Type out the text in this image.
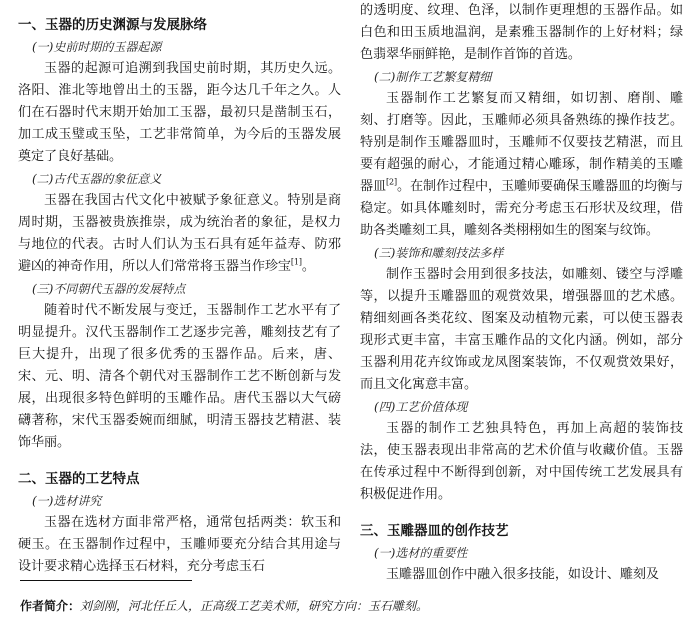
一、玉器的历史渊源与发展脉络
(一)史前时期的玉器起源

玉器的起源可追溯到我国史前时期，其历史久远。洛阳、淮北等地曾出土的玉器，距今达几千年之久。人们在石器时代末期开始加工玉器，最初只是凿制玉石，加工成玉璧或玉坠，工艺非常简单，为今后的玉器发展奠定了良好基础。

(二)古代玉器的象征意义

玉器在我国古代文化中被赋予象征意义。特别是商周时期，玉器被贵族推崇，成为统治者的象征，是权力与地位的代表。古时人们认为玉石具有延年益寿、防邪避凶的神奇作用，所以人们常常将玉器当作珍宝[1]。

(三)不同朝代玉器的发展特点

随着时代不断发展与变迁，玉器制作工艺水平有了明显提升。汉代玉器制作工艺逐步完善，雕刻技艺有了巨大提升，出现了很多优秀的玉器作品。后来，唐、宋、元、明、清各个朝代对玉器制作工艺不断创新与发展，出现很多特色鲜明的玉雕作品。唐代玉器以大气磅礴著称，宋代玉器委婉而细腻，明清玉器技艺精湛、装饰华丽。

二、玉器的工艺特点
(一)选材讲究

玉器在选材方面非常严格，通常包括两类：软玉和硬玉。在玉器制作过程中，玉雕师要充分结合其用途与设计要求精心选择玉石材料，充分考虑玉石

的透明度、纹理、色泽，以制作更理想的玉器作品。如白色和田玉质地温润，是素雅玉器制作的上好材料；绿色翡翠华丽鲜艳，是制作首饰的首选。

(二)制作工艺繁复精细

玉器制作工艺繁复而又精细，如切割、磨削、雕刻、打磨等。因此，玉雕师必须具备熟练的操作技艺。特别是制作玉雕器皿时，玉雕师不仅要技艺精湛，而且要有超强的耐心，才能通过精心雕琢，制作精美的玉雕器皿[2]。在制作过程中，玉雕师要确保玉雕器皿的均衡与稳定。如具体雕刻时，需充分考虑玉石形状及纹理，借助各类雕刻工具，雕刻各类栩栩如生的图案与纹饰。

(三)装饰和雕刻技法多样

制作玉器时会用到很多技法，如雕刻、镂空与浮雕等，以提升玉雕器皿的观赏效果，增强器皿的艺术感。精细刻画各类花纹、图案及动植物元素，可以使玉器表现形式更丰富，丰富玉雕作品的文化内涵。例如，部分玉器利用花卉纹饰或龙凤图案装饰，不仅观赏效果好，而且文化寓意丰富。

(四)工艺价值体现

玉器的制作工艺独具特色，再加上高超的装饰技法，使玉器表现出非常高的艺术价值与收藏价值。玉器在传承过程中不断得到创新，对中国传统工艺发展具有积极促进作用。

三、玉雕器皿的创作技艺
(一)选材的重要性

玉雕器皿创作中融入很多技能，如设计、雕刻及

作者简介：刘剑刚，河北任丘人，正高级工艺美术师，研究方向：玉石雕刻。
